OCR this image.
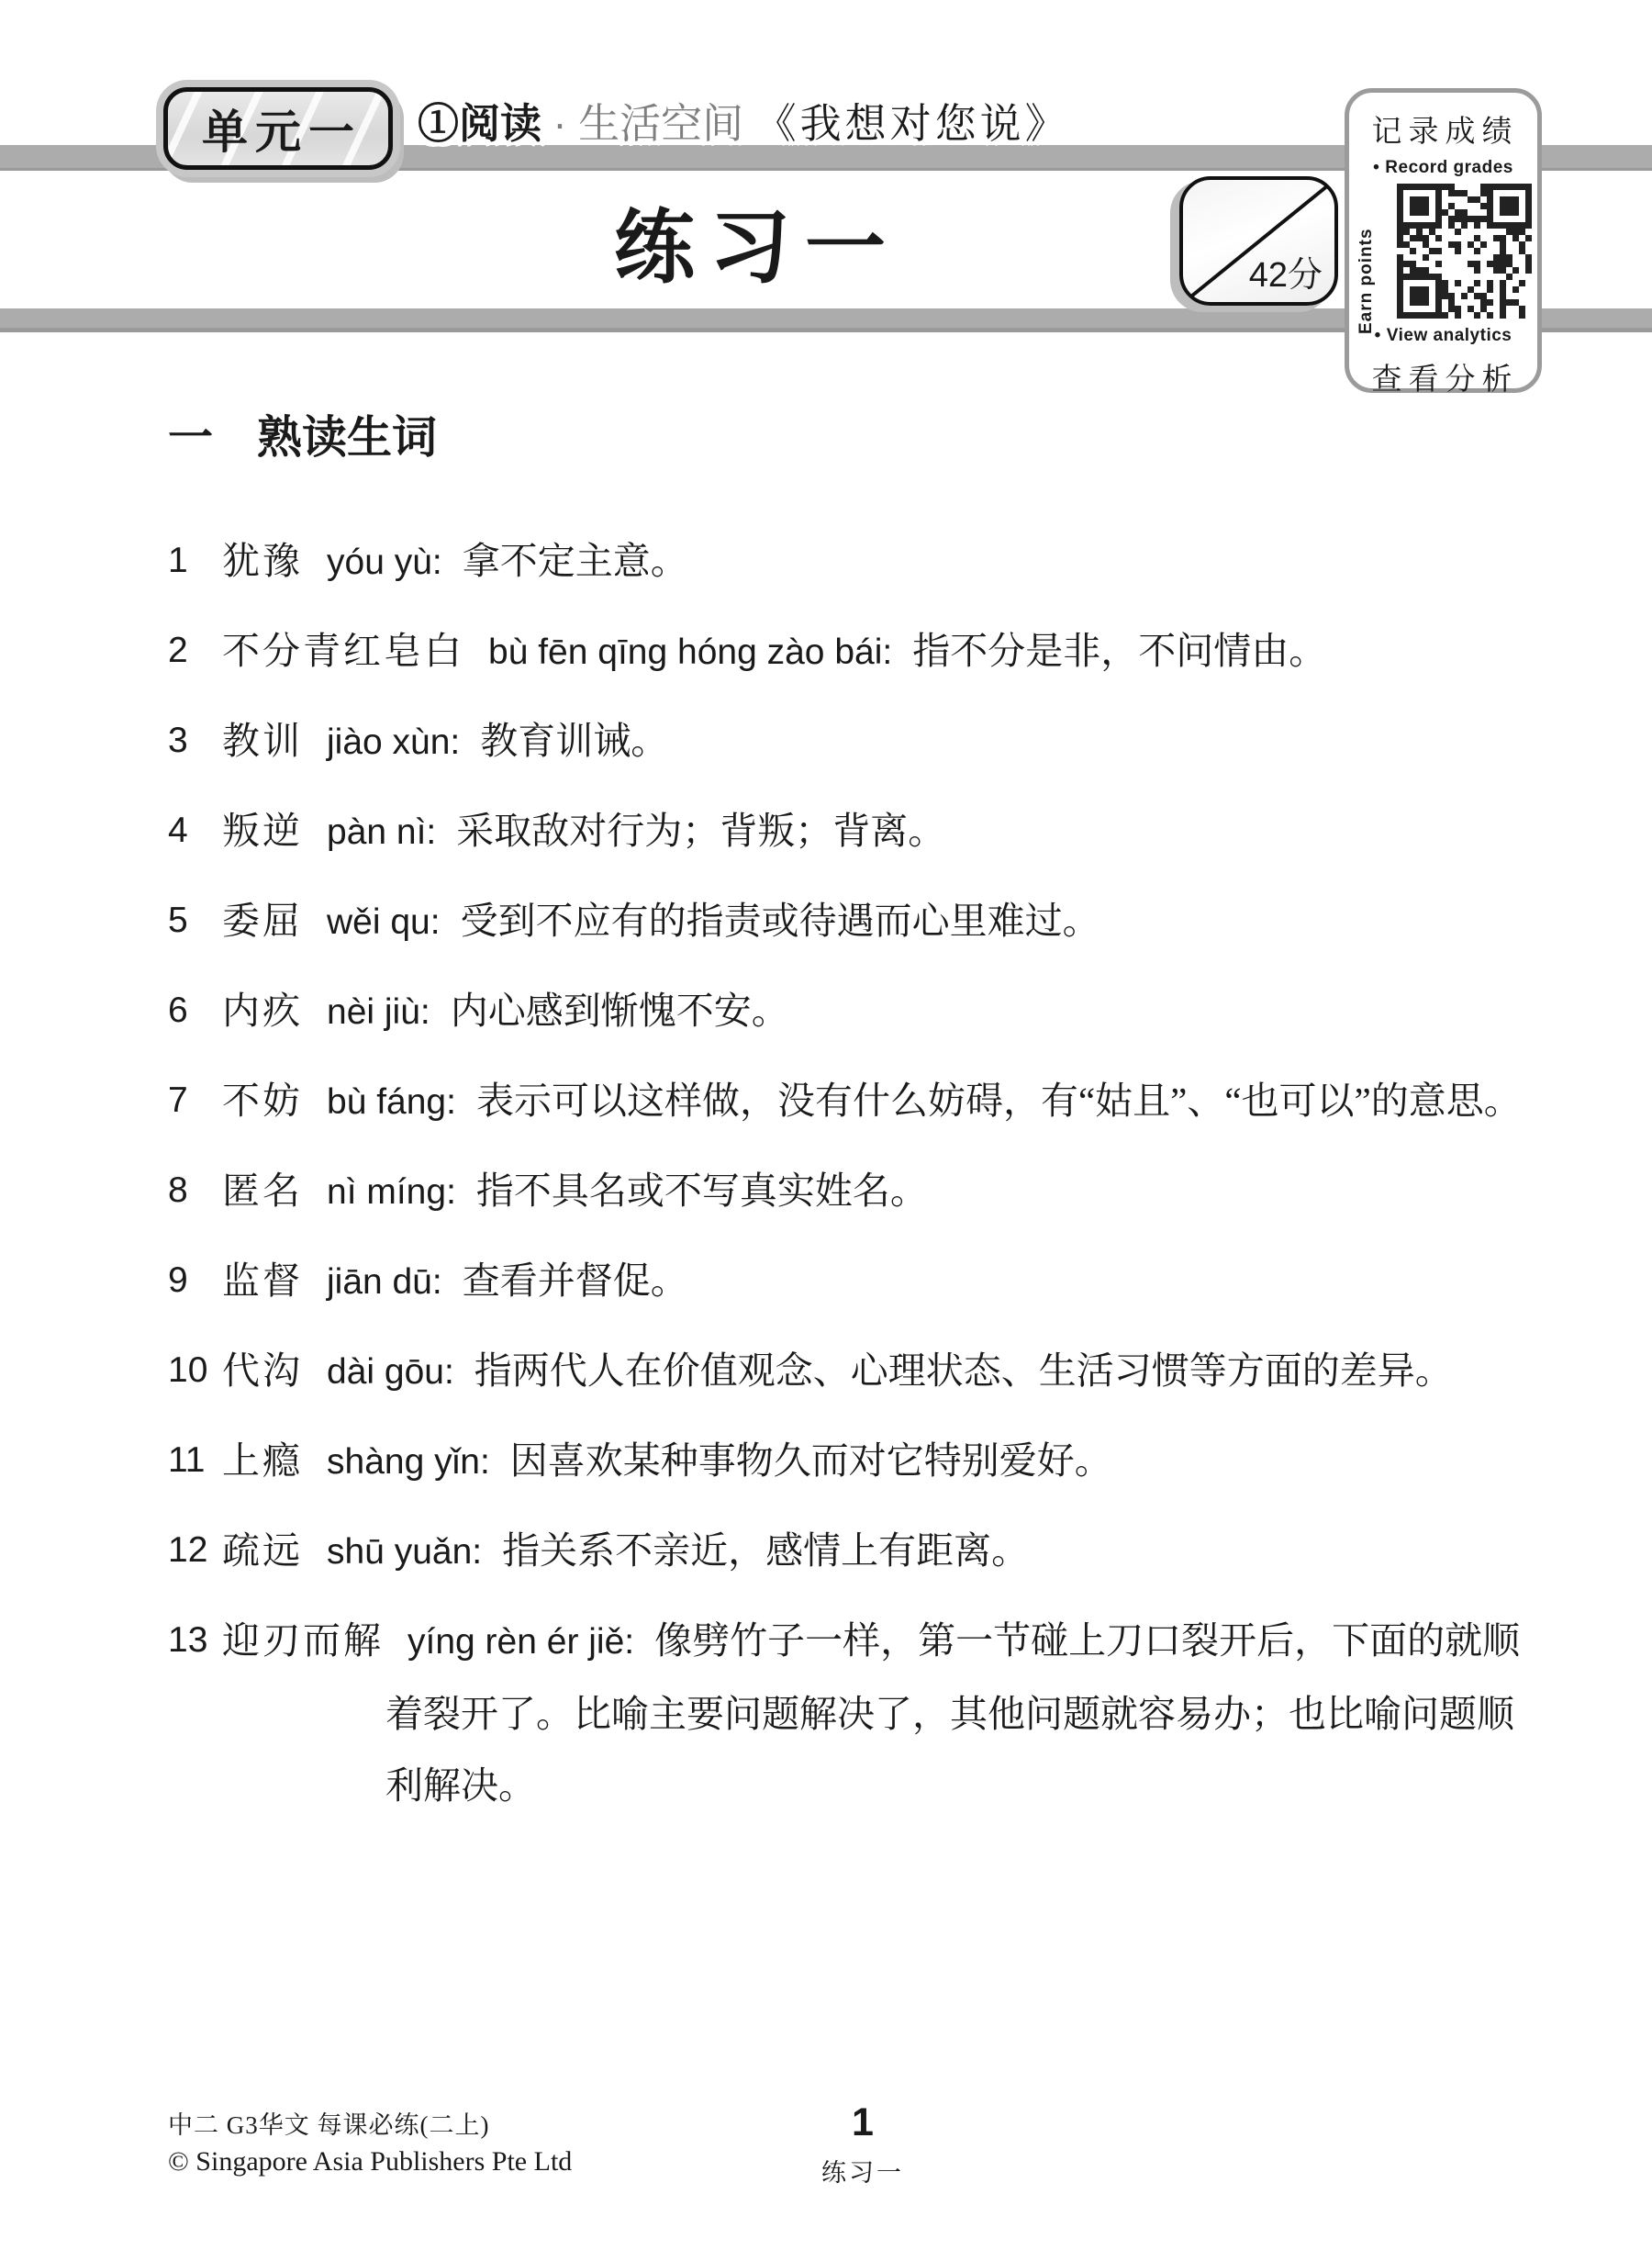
单元一 ①阅读 · 生活空间 《我想对您说》
练习一	42分
记录成绩
• Record grades
Earn points
• View analytics
查看分析
一 熟读生词
1 犹豫 yóu yù: 拿不定主意。
2 不分青红皂白 bù fēn qīng hóng zào bái: 指不分是非，不问情由。
3 教训 jiào xùn: 教育训诫。
4 叛逆 pàn nì: 采取敌对行为；背叛；背离。
5 委屈 wěi qu: 受到不应有的指责或待遇而心里难过。
6 内疚 nèi jiù: 内心感到惭愧不安。
7 不妨 bù fáng: 表示可以这样做，没有什么妨碍，有“姑且”、“也可以”的意思。
8 匿名 nì míng: 指不具名或不写真实姓名。
9 监督 jiān dū: 查看并督促。
10 代沟 dài gōu: 指两代人在价值观念、心理状态、生活习惯等方面的差异。
11 上瘾 shàng yǐn: 因喜欢某种事物久而对它特别爱好。
12 疏远 shū yuǎn: 指关系不亲近，感情上有距离。
13 迎刃而解 yíng rèn ér jiě: 像劈竹子一样，第一节碰上刀口裂开后，下面的就顺着裂开了。比喻主要问题解决了，其他问题就容易办；也比喻问题顺利解决。
中二 G3华文 每课必练(二上)
© Singapore Asia Publishers Pte Ltd
1
练习一
